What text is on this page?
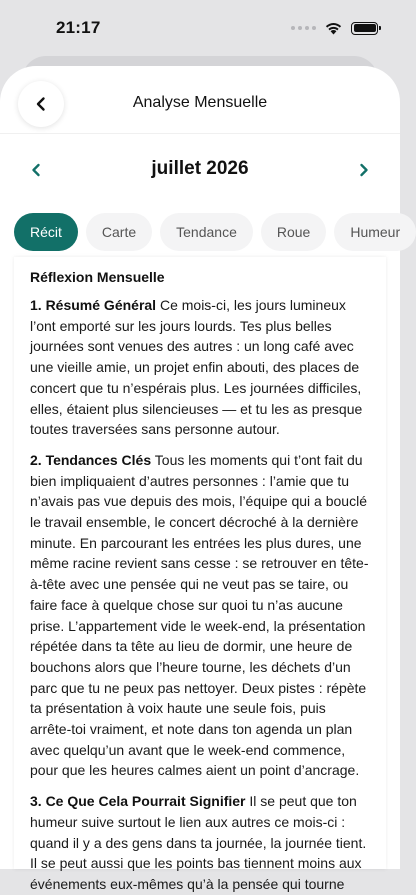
21:17
Analyse Mensuelle
juillet 2026
Récit	Carte	Tendance	Roue	Humeur
Réflexion Mensuelle

1. Résumé Général Ce mois-ci, les jours lumineux l’ont emporté sur les jours lourds. Tes plus belles journées sont venues des autres : un long café avec une vieille amie, un projet enfin abouti, des places de concert que tu n’espérais plus. Les journées difficiles, elles, étaient plus silencieuses — et tu les as presque toutes traversées sans personne autour.

2. Tendances Clés Tous les moments qui t’ont fait du bien impliquaient d’autres personnes : l’amie que tu n’avais pas vue depuis des mois, l’équipe qui a bouclé le travail ensemble, le concert décroché à la dernière minute. En parcourant les entrées les plus dures, une même racine revient sans cesse : se retrouver en tête-à-tête avec une pensée qui ne veut pas se taire, ou faire face à quelque chose sur quoi tu n’as aucune prise. L’appartement vide le week-end, la présentation répétée dans ta tête au lieu de dormir, une heure de bouchons alors que l’heure tourne, les déchets d’un parc que tu ne peux pas nettoyer. Deux pistes : répète ta présentation à voix haute une seule fois, puis arrête-toi vraiment, et note dans ton agenda un plan avec quelqu’un avant que le week-end commence, pour que les heures calmes aient un point d’ancrage.

3. Ce Que Cela Pourrait Signifier Il se peut que ton humeur suive surtout le lien aux autres ce mois-ci : quand il y a des gens dans ta journée, la journée tient. Il se peut aussi que les points bas tiennent moins aux événements eux-mêmes qu’à la pensée qui tourne
